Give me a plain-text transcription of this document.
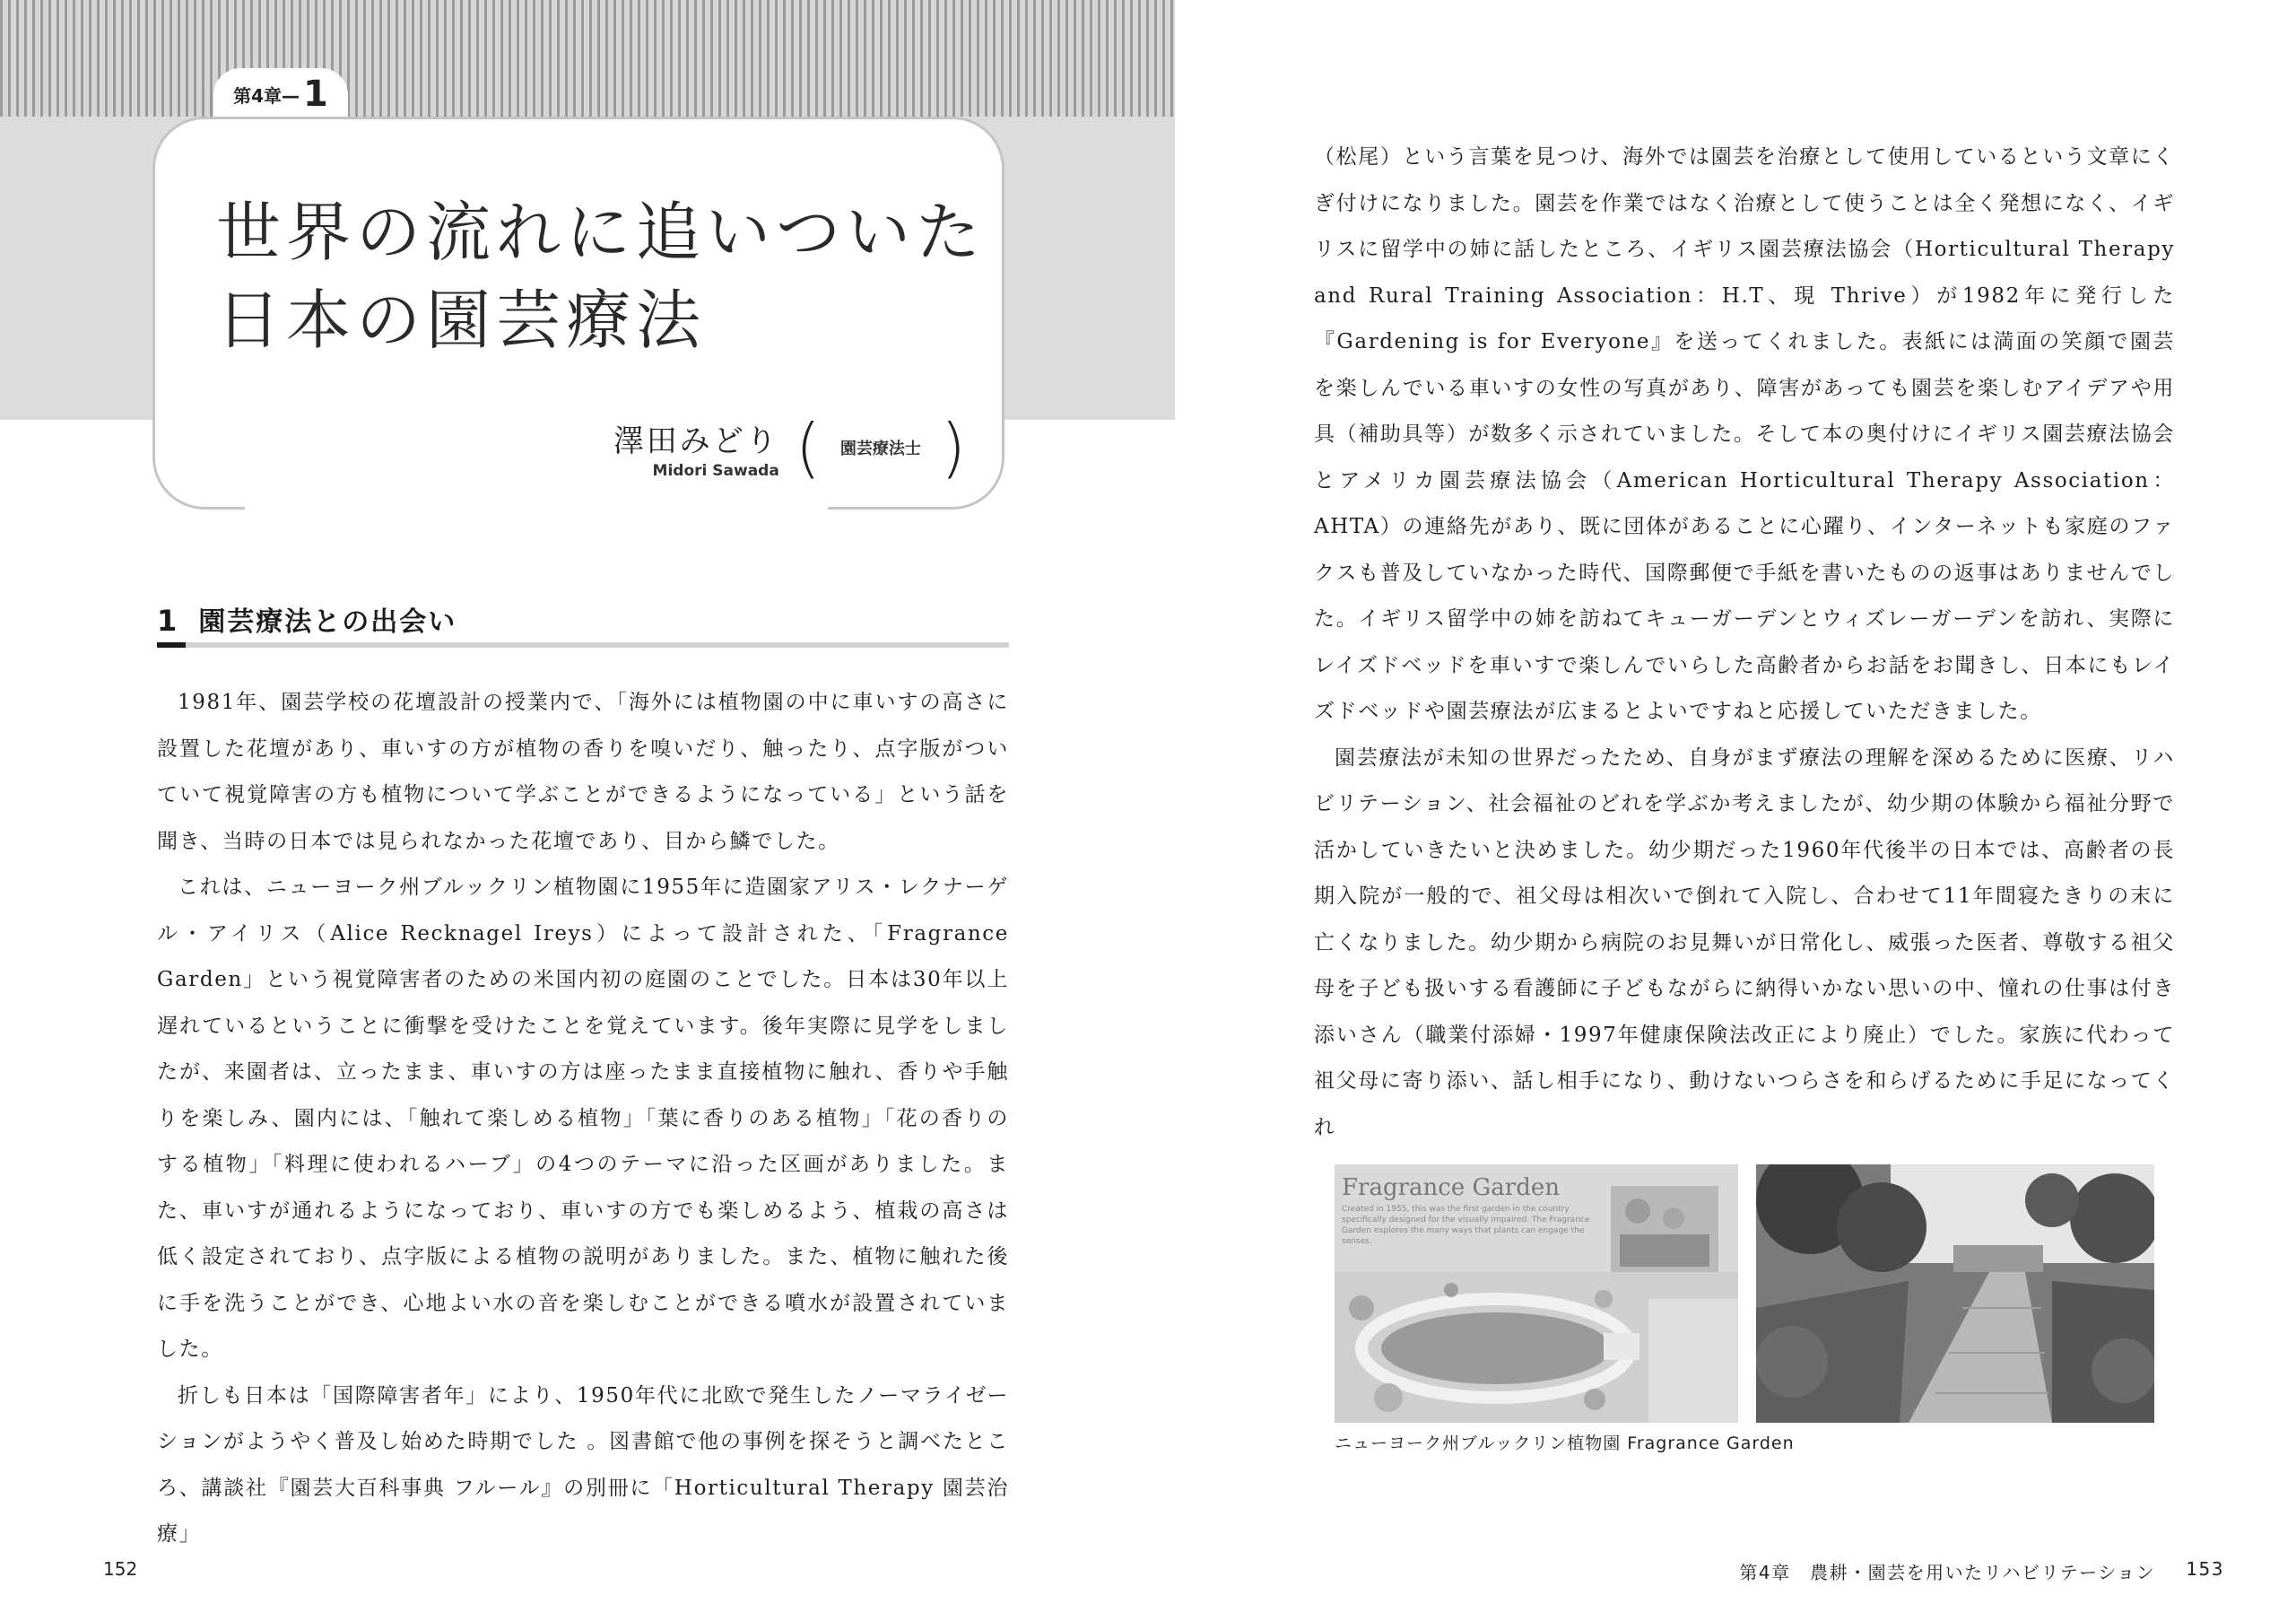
第4章— 1
世界の流れに追いついた
日本の園芸療法
澤田みどり
Midori Sawada ( 園芸療法士 )
1 園芸療法との出会い

1981年、園芸学校の花壇設計の授業内で、「海外には植物園の中に車いすの高さに設置した花壇があり、車いすの方が植物の香りを嗅いだり、触ったり、点字版がついていて視覚障害の方も植物について学ぶことができるようになっている」という話を聞き、当時の日本では見られなかった花壇であり、目から鱗でした。

これは、ニューヨーク州ブルックリン植物園に1955年に造園家アリス・レクナーゲル・アイリス（Alice Recknagel Ireys）によって設計された、「Fragrance Garden」という視覚障害者のための米国内初の庭園のことでした。日本は30年以上遅れているということに衝撃を受けたことを覚えています。後年実際に見学をしましたが、来園者は、立ったまま、車いすの方は座ったまま直接植物に触れ、香りや手触りを楽しみ、園内には、「触れて楽しめる植物」「葉に香りのある植物」「花の香りのする植物」「料理に使われるハーブ」の4つのテーマに沿った区画がありました。また、車いすが通れるようになっており、車いすの方でも楽しめるよう、植栽の高さは低く設定されており、点字版による植物の説明がありました。また、植物に触れた後に手を洗うことができ、心地よい水の音を楽しむことができる噴水が設置されていました。

折しも日本は「国際障害者年」により、1950年代に北欧で発生したノーマライゼーションがようやく普及し始めた時期でした 。図書館で他の事例を探そうと調べたところ、講談社『園芸大百科事典 フルール』の別冊に「Horticultural Therapy 園芸治療」

152

（松尾）という言葉を見つけ、海外では園芸を治療として使用しているという文章にくぎ付けになりました。園芸を作業ではなく治療として使うことは全く発想になく、イギリスに留学中の姉に話したところ、イギリス園芸療法協会（Horticultural Therapy and Rural Training Association：H.T、現 Thrive）が1982年に発行した『Gardening is for Everyone』を送ってくれました。表紙には満面の笑顔で園芸を楽しんでいる車いすの女性の写真があり、障害があっても園芸を楽しむアイデアや用具（補助具等）が数多く示されていました。そして本の奥付けにイギリス園芸療法協会とアメリカ園芸療法協会（American Horticultural Therapy Association：AHTA）の連絡先があり、既に団体があることに心躍り、インターネットも家庭のファクスも普及していなかった時代、国際郵便で手紙を書いたものの返事はありませんでした。イギリス留学中の姉を訪ねてキューガーデンとウィズレーガーデンを訪れ、実際にレイズドベッドを車いすで楽しんでいらした高齢者からお話をお聞きし、日本にもレイズドベッドや園芸療法が広まるとよいですねと応援していただきました。

園芸療法が未知の世界だったため、自身がまず療法の理解を深めるために医療、リハビリテーション、社会福祉のどれを学ぶか考えましたが、幼少期の体験から福祉分野で活かしていきたいと決めました。幼少期だった1960年代後半の日本では、高齢者の長期入院が一般的で、祖父母は相次いで倒れて入院し、合わせて11年間寝たきりの末に亡くなりました。幼少期から病院のお見舞いが日常化し、威張った医者、尊敬する祖父母を子ども扱いする看護師に子どもながらに納得いかない思いの中、憧れの仕事は付き添いさん（職業付添婦・1997年健康保険法改正により廃止）でした。家族に代わって祖父母に寄り添い、話し相手になり、動けないつらさを和らげるために手足になってくれ

Fragrance Garden
Created in 1955, this was the first garden in the country specifically designed for the visually impaired. The Fragrance Garden explores the many ways that plants can engage the senses.
ニューヨーク州ブルックリン植物園 Fragrance Garden
第4章　農耕・園芸を用いたリハビリテーション 153
